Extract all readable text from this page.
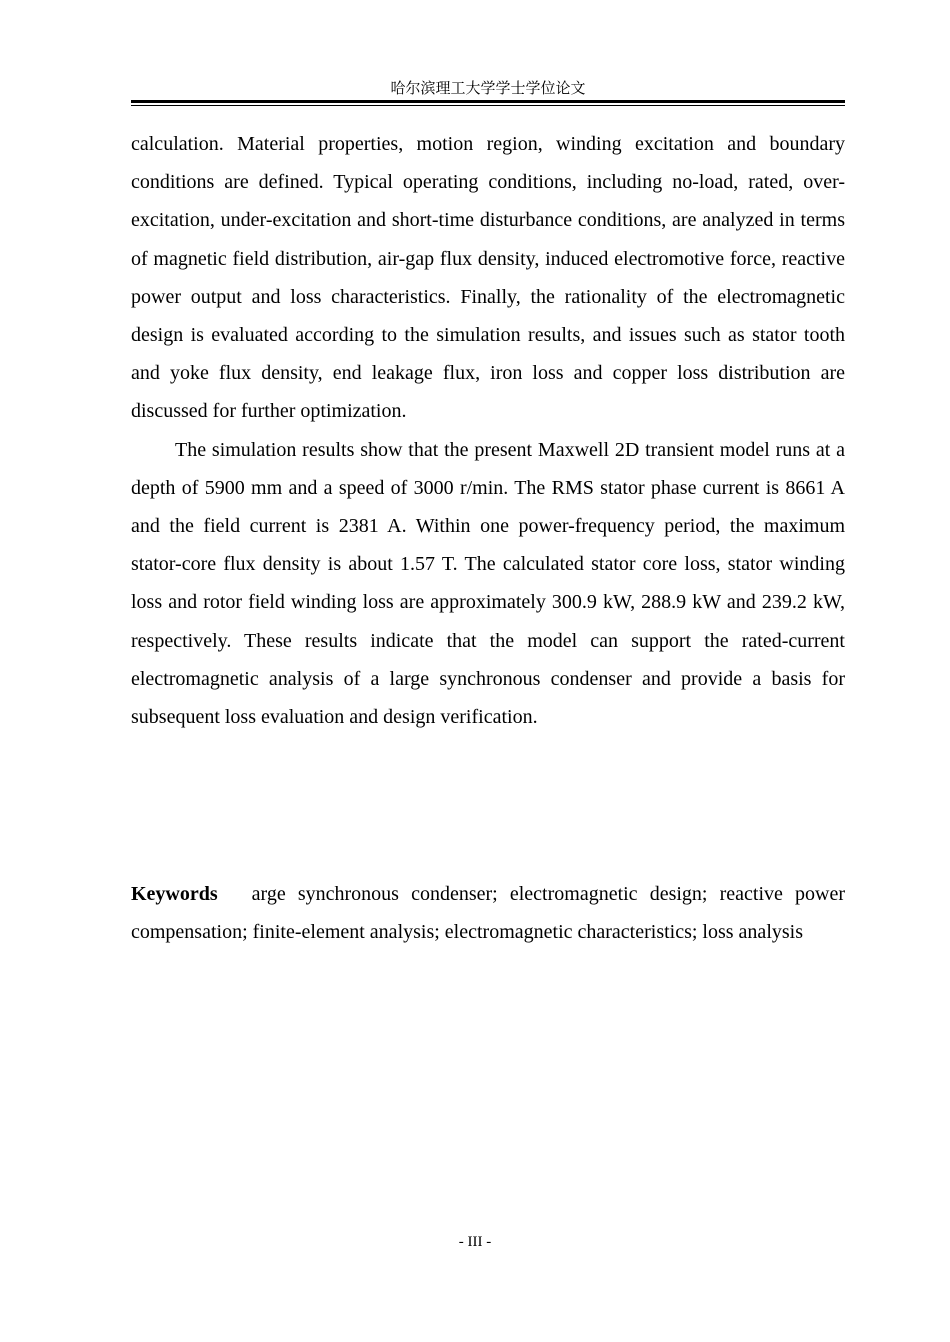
哈尔滨理工大学学士学位论文

calculation. Material properties, motion region, winding excitation and boundary conditions are defined. Typical operating conditions, including no-load, rated, over-excitation, under-excitation and short-time disturbance conditions, are analyzed in terms of magnetic field distribution, air-gap flux density, induced electromotive force, reactive power output and loss characteristics. Finally, the rationality of the electromagnetic design is evaluated according to the simulation results, and issues such as stator tooth and yoke flux density, end leakage flux, iron loss and copper loss distribution are discussed for further optimization.

The simulation results show that the present Maxwell 2D transient model runs at a depth of 5900 mm and a speed of 3000 r/min. The RMS stator phase current is 8661 A and the field current is 2381 A. Within one power-frequency period, the maximum stator-core flux density is about 1.57 T. The calculated stator core loss, stator winding loss and rotor field winding loss are approximately 300.9 kW, 288.9 kW and 239.2 kW, respectively. These results indicate that the model can support the rated-current electromagnetic analysis of a large synchronous condenser and provide a basis for subsequent loss evaluation and design verification.

Keywords arge synchronous condenser; electromagnetic design; reactive power compensation; finite-element analysis; electromagnetic characteristics; loss analysis
- III -
